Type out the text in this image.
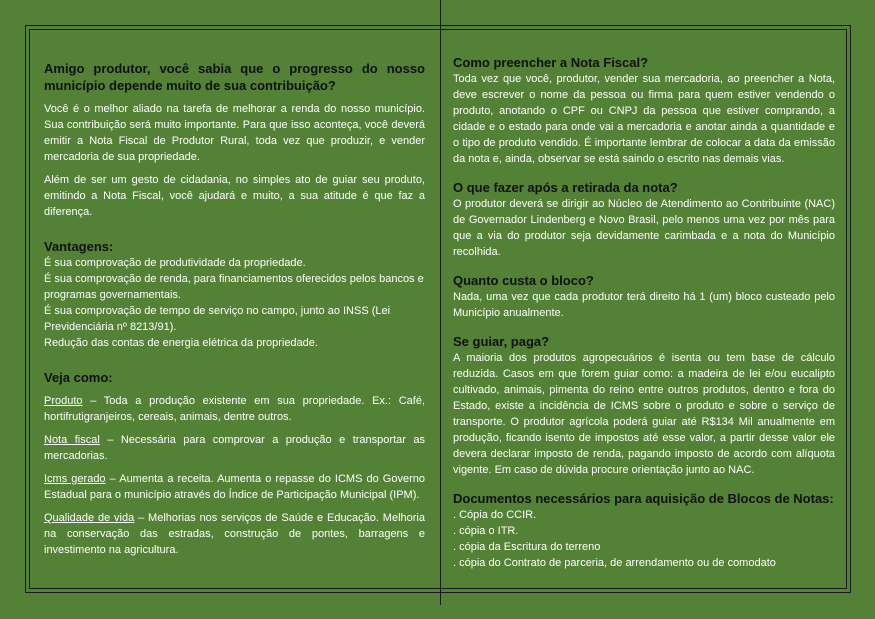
Amigo produtor, você sabia que o progresso do nosso município depende muito de sua contribuição?

Você é o melhor aliado na tarefa de melhorar a renda do nosso município. Sua contribuição será muito importante. Para que isso aconteça, você deverá emitir a Nota Fiscal de Produtor Rural, toda vez que produzir, e vender mercadoria de sua propriedade.

Além de ser um gesto de cidadania, no simples ato de guiar seu produto, emitindo a Nota Fiscal, você ajudará e muito, a sua atitude é que faz a diferença.

Vantagens:

É sua comprovação de produtividade da propriedade.

É sua comprovação de renda, para financiamentos oferecidos pelos bancos e programas governamentais.

É sua comprovação de tempo de serviço no campo, junto ao INSS (Lei Previdenciária nº 8213/91).

Redução das contas de energia elétrica da propriedade.

Veja como:

Produto – Toda a produção existente em sua propriedade. Ex.: Café, hortifrutigranjeiros, cereais, animais, dentre outros.

Nota fiscal – Necessária para comprovar a produção e transportar as mercadorias.

Icms gerado – Aumenta a receita. Aumenta o repasse do ICMS do Governo Estadual para o município através do Índice de Participação Municipal (IPM).

Qualidade de vida – Melhorias nos serviços de Saúde e Educação. Melhoria na conservação das estradas, construção de pontes, barragens e investimento na agricultura.

Como preencher a Nota Fiscal?

Toda vez que você, produtor, vender sua mercadoria, ao preencher a Nota, deve escrever o nome da pessoa ou firma para quem estiver vendendo o produto, anotando o CPF ou CNPJ da pessoa que estiver comprando, a cidade e o estado para onde vai a mercadoria e anotar ainda a quantidade e o tipo de produto vendido. É importante lembrar de colocar a data da emissão da nota e, ainda, observar se está saindo o escrito nas demais vias.

O que fazer após a retirada da nota?

O produtor deverá se dirigir ao Núcleo de Atendimento ao Contribuinte (NAC) de Governador Lindenberg e Novo Brasil, pelo menos uma vez por mês para que a via do produtor seja devidamente carimbada e a nota do Município recolhida.

Quanto custa o bloco?

Nada, uma vez que cada produtor terá direito há 1 (um) bloco custeado pelo Município anualmente.

Se guiar, paga?

A maioria dos produtos agropecuários é isenta ou tem base de cálculo reduzida. Casos em que forem guiar como: a madeira de lei e/ou eucalipto cultivado, animais, pimenta do reino entre outros produtos, dentro e fora do Estado, existe a incidência de ICMS sobre o produto e sobre o serviço de transporte. O produtor agrícola poderá guiar até R$134 Mil anualmente em produção, ficando isento de impostos até esse valor, a partir desse valor ele devera declarar imposto de renda, pagando imposto de acordo com alíquota vigente. Em caso de dúvida procure orientação junto ao NAC.

Documentos necessários para aquisição de Blocos de Notas:

. Cópia do CCIR.

. cópia o ITR.

. cópia da Escritura do terreno

. cópia do Contrato de parceria, de arrendamento ou de comodato
